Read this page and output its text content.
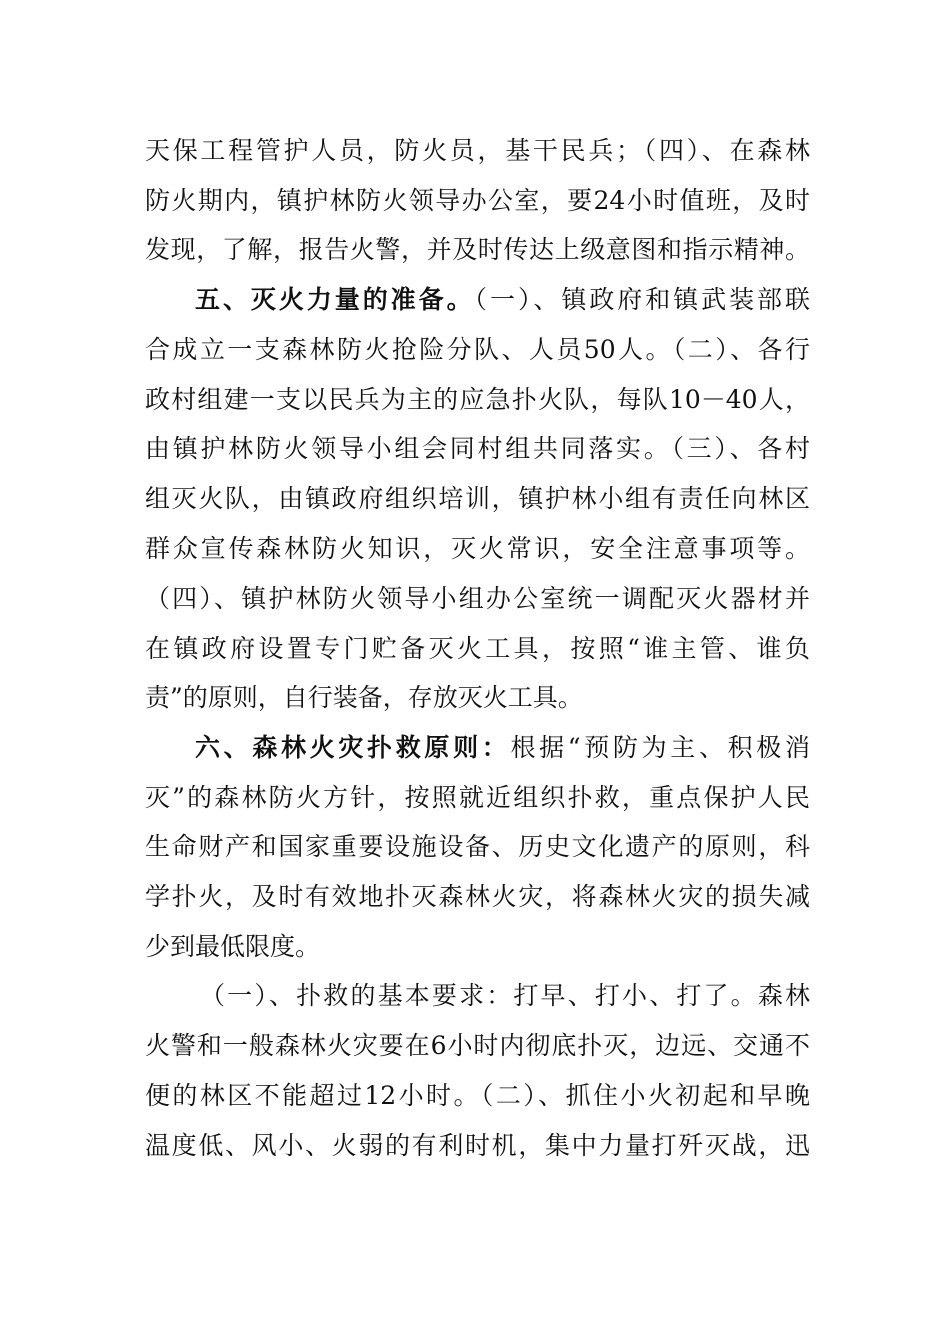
天保工程管护人员，防火员，基干民兵；（四）、在森林
防火期内，镇护林防火领导办公室，要24小时值班，及时
发现，了解，报告火警，并及时传达上级意图和指示精神。
五、灭火力量的准备。（一）、镇政府和镇武装部联
合成立一支森林防火抢险分队、人员50人。（二）、各行
政村组建一支以民兵为主的应急扑火队，每队10－40人，
由镇护林防火领导小组会同村组共同落实。（三）、各村
组灭火队，由镇政府组织培训，镇护林小组有责任向林区
群众宣传森林防火知识，灭火常识，安全注意事项等。
（四）、镇护林防火领导小组办公室统一调配灭火器材并
在镇政府设置专门贮备灭火工具，按照“谁主管、谁负
责”的原则，自行装备，存放灭火工具。
六、森林火灾扑救原则：根据“预防为主、积极消
灭”的森林防火方针，按照就近组织扑救，重点保护人民
生命财产和国家重要设施设备、历史文化遗产的原则，科
学扑火，及时有效地扑灭森林火灾，将森林火灾的损失减
少到最低限度。
（一）、扑救的基本要求：打早、打小、打了。森林
火警和一般森林火灾要在6小时内彻底扑灭，边远、交通不
便的林区不能超过12小时。（二）、抓住小火初起和早晚
温度低、风小、火弱的有利时机，集中力量打歼灭战，迅
